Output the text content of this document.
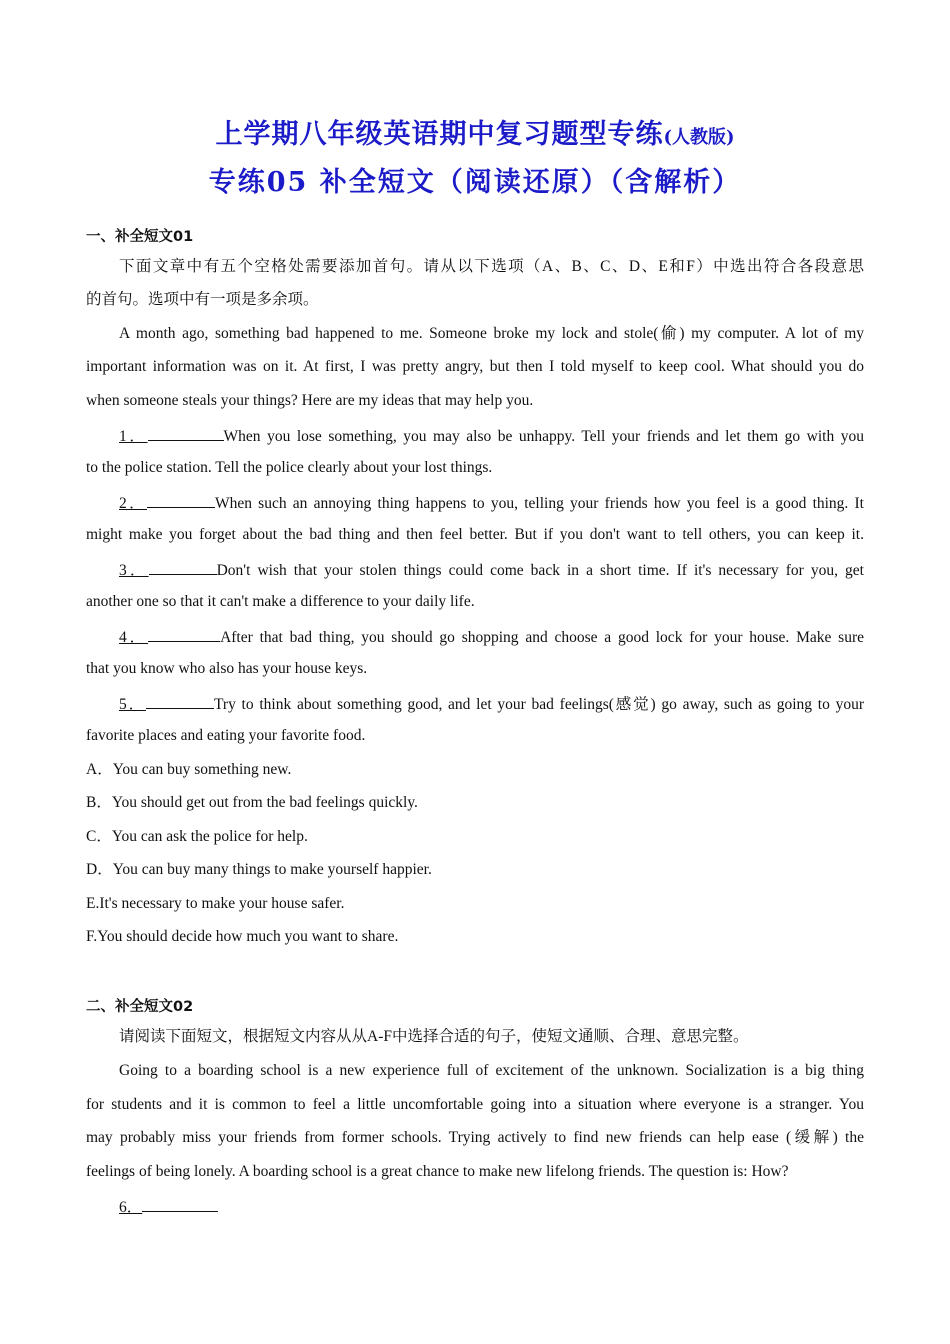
上学期八年级英语期中复习题型专练(人教版)
专练05 补全短文（阅读还原）（含解析）
一、补全短文01
下面文章中有五个空格处需要添加首句。请从以下选项（A、B、C、D、E和F）中选出符合各段意思
的首句。选项中有一项是多余项。
A month ago, something bad happened to me. Someone broke my lock and stole(偷) my computer. A lot of my
important information was on it. At first, I was pretty angry, but then I told myself to keep cool. What should you do
when someone steals your things? Here are my ideas that may help you.
1．	When you lose something, you may also be unhappy. Tell your friends and let them go with you
to the police station. Tell the police clearly about your lost things.
2．	When such an annoying thing happens to you, telling your friends how you feel is a good thing. It
might make you forget about the bad thing and then feel better. But if you don't want to tell others, you can keep it.
3．	Don't wish that your stolen things could come back in a short time. If it's necessary for you, get
another one so that it can't make a difference to your daily life.
4．	After that bad thing, you should go shopping and choose a good lock for your house. Make sure
that you know who also has your house keys.
5．	Try to think about something good, and let your bad feelings(感觉) go away, such as going to your
favorite places and eating your favorite food.
A．You can buy something new.
B．You should get out from the bad feelings quickly.
C．You can ask the police for help.
D．You can buy many things to make yourself happier.
E.It's necessary to make your house safer.
F.You should decide how much you want to share.
二、补全短文02
请阅读下面短文，根据短文内容从从A-F中选择合适的句子，使短文通顺、合理、意思完整。
Going to a boarding school is a new experience full of excitement of the unknown. Socialization is a big thing
for students and it is common to feel a little uncomfortable going into a situation where everyone is a stranger. You
may probably miss your friends from former schools. Trying actively to find new friends can help ease (缓解) the
feelings of being lonely. A boarding school is a great chance to make new lifelong friends. The question is: How?
6．
